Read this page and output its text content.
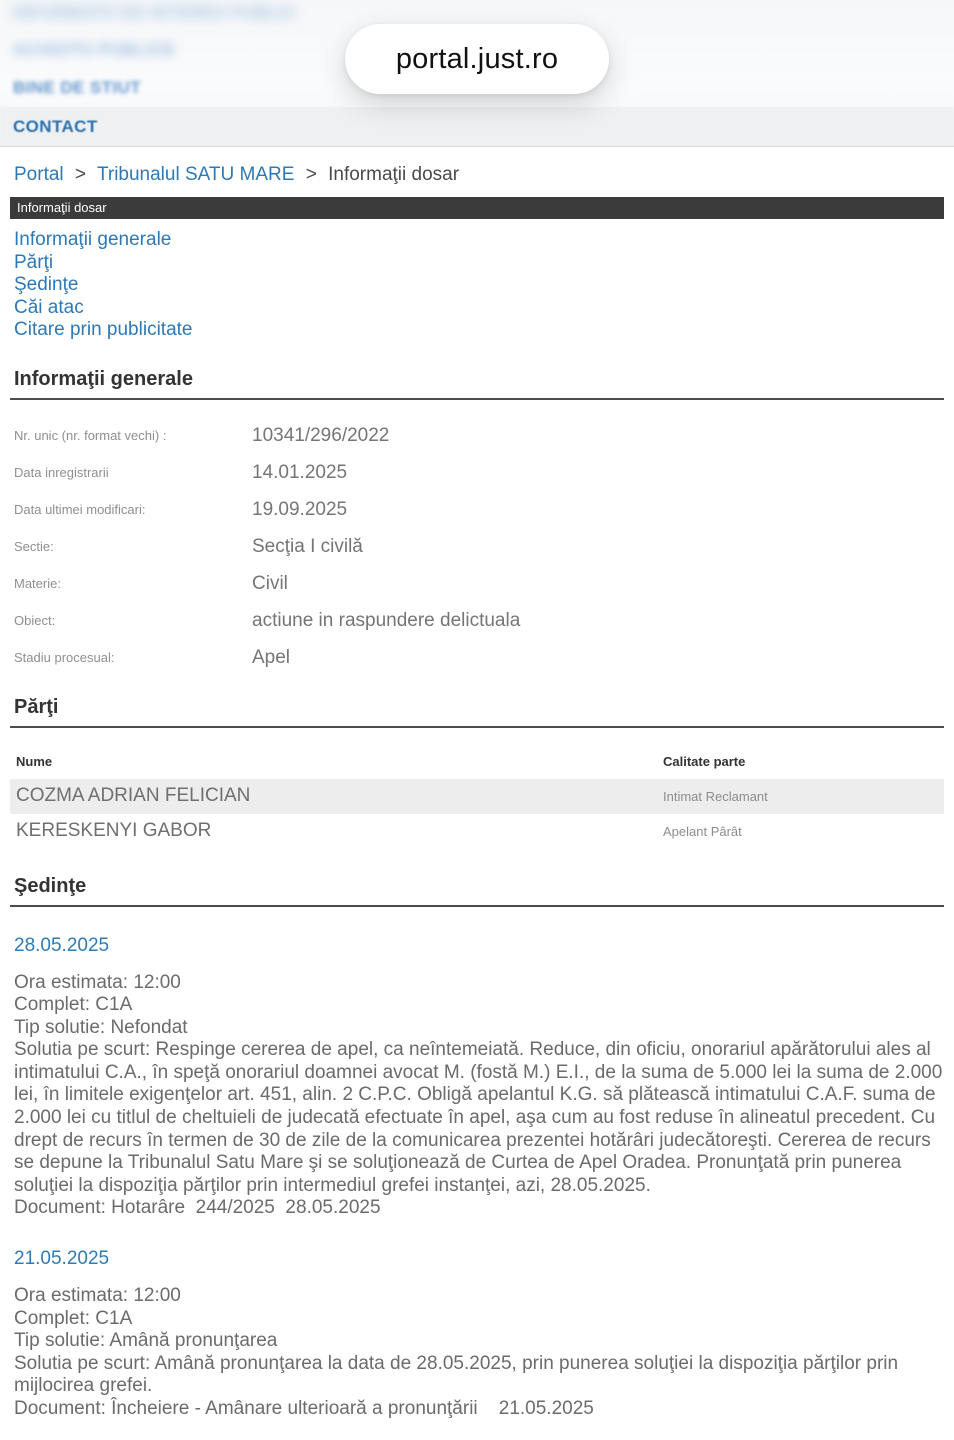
INFORMATII DE INTERES PUBLIC
ACHIZITII PUBLICE
BINE DE STIUT
CONTACT
portal.just.ro
Portal > Tribunalul SATU MARE > Informaţii dosar
Informaţii dosar
Informaţii generale
Părţi
Şedinţe
Căi atac
Citare prin publicitate
Informaţii generale
Nr. unic (nr. format vechi) :	10341/296/2022
Data inregistrarii	14.01.2025
Data ultimei modificari:	19.09.2025
Sectie:	Secţia I civilă
Materie:	Civil
Obiect:	actiune in raspundere delictuala
Stadiu procesual:	Apel
Părţi
Nume	Calitate parte
COZMA ADRIAN FELICIAN	Intimat Reclamant
KERESKENYI GABOR	Apelant Pârât
Şedinţe
28.05.2025
Ora estimata: 12:00
Complet: C1A
Tip solutie: Nefondat
Solutia pe scurt: Respinge cererea de apel, ca neîntemeiată. Reduce, din oficiu, onorariul apărătorului ales al intimatului C.A., în speţă onorariul doamnei avocat M. (fostă M.) E.I., de la suma de 5.000 lei la suma de 2.000 lei, în limitele exigenţelor art. 451, alin. 2 C.P.C. Obligă apelantul K.G. să plătească intimatului C.A.F. suma de 2.000 lei cu titlul de cheltuieli de judecată efectuate în apel, aşa cum au fost reduse în alineatul precedent. Cu drept de recurs în termen de 30 de zile de la comunicarea prezentei hotărâri judecătoreşti. Cererea de recurs se depune la Tribunalul Satu Mare şi se soluţionează de Curtea de Apel Oradea. Pronunţată prin punerea soluţiei la dispoziţia părţilor prin intermediul grefei instanţei, azi, 28.05.2025.
Document: Hotarâre  244/2025  28.05.2025
21.05.2025
Ora estimata: 12:00
Complet: C1A
Tip solutie: Amână pronunţarea
Solutia pe scurt: Amână pronunţarea la data de 28.05.2025, prin punerea soluţiei la dispoziţia părţilor prin mijlocirea grefei.
Document: Încheiere - Amânare ulterioară a pronunţării    21.05.2025
